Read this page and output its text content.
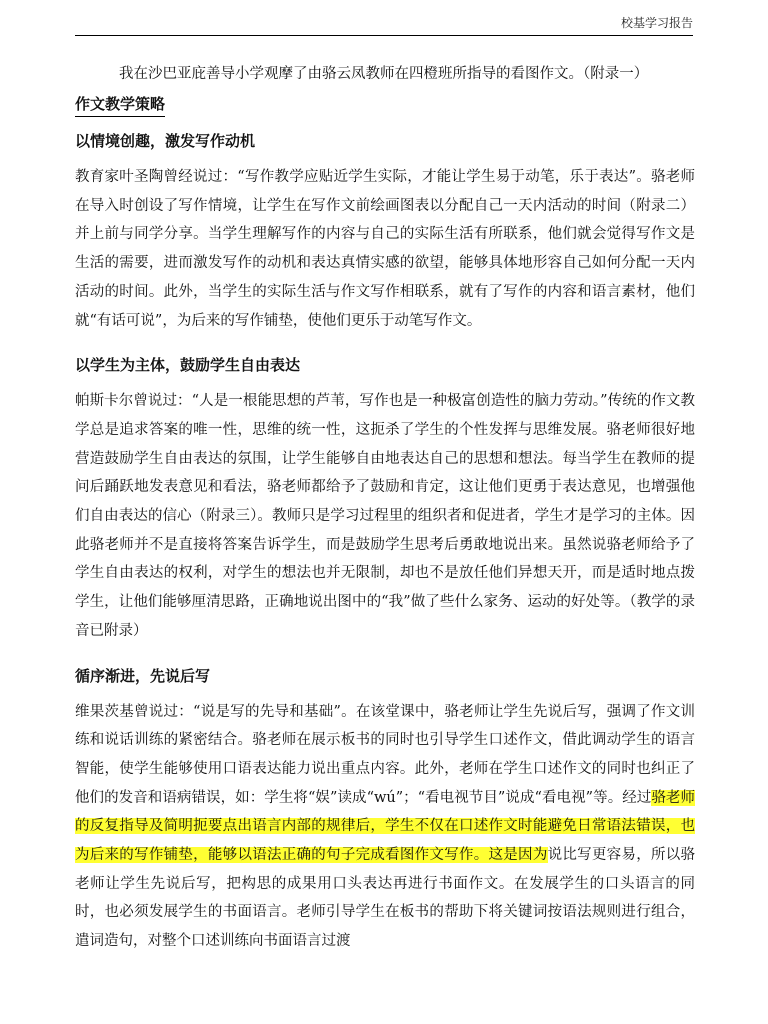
校基学习报告

我在沙巴亚庇善导小学观摩了由骆云凤教师在四橙班所指导的看图作文。（附录一）

作文教学策略
以情境创趣，激发写作动机

教育家叶圣陶曾经说过：“写作教学应贴近学生实际，才能让学生易于动笔，乐于表达”。骆老师在导入时创设了写作情境，让学生在写作文前绘画图表以分配自己一天内活动的时间（附录二）并上前与同学分享。当学生理解写作的内容与自己的实际生活有所联系，他们就会觉得写作文是生活的需要，进而激发写作的动机和表达真情实感的欲望，能够具体地形容自己如何分配一天内活动的时间。此外，当学生的实际生活与作文写作相联系，就有了写作的内容和语言素材，他们就“有话可说”，为后来的写作铺垫，使他们更乐于动笔写作文。

以学生为主体，鼓励学生自由表达

帕斯卡尔曾说过：“人是一根能思想的芦苇，写作也是一种极富创造性的脑力劳动。”传统的作文教学总是追求答案的唯一性，思维的统一性，这扼杀了学生的个性发挥与思维发展。骆老师很好地营造鼓励学生自由表达的氛围，让学生能够自由地表达自己的思想和想法。每当学生在教师的提问后踊跃地发表意见和看法，骆老师都给予了鼓励和肯定，这让他们更勇于表达意见，也增强他们自由表达的信心（附录三）。教师只是学习过程里的组织者和促进者，学生才是学习的主体。因此骆老师并不是直接将答案告诉学生，而是鼓励学生思考后勇敢地说出来。虽然说骆老师给予了学生自由表达的权利，对学生的想法也并无限制，却也不是放任他们异想天开，而是适时地点拨学生，让他们能够厘清思路，正确地说出图中的“我”做了些什么家务、运动的好处等。（教学的录音已附录）

循序渐进，先说后写

维果茨基曾说过：“说是写的先导和基础”。在该堂课中，骆老师让学生先说后写，强调了作文训练和说话训练的紧密结合。骆老师在展示板书的同时也引导学生口述作文，借此调动学生的语言智能，使学生能够使用口语表达能力说出重点内容。此外，老师在学生口述作文的同时也纠正了他们的发音和语病错误，如：学生将“娱”读成“wú”；“看电视节目”说成“看电视”等。经过骆老师的反复指导及简明扼要点出语言内部的规律后，学生不仅在口述作文时能避免日常语法错误，也为后来的写作铺垫，能够以语法正确的句子完成看图作文写作。这是因为说比写更容易，所以骆老师让学生先说后写，把构思的成果用口头表达再进行书面作文。在发展学生的口头语言的同时，也必须发展学生的书面语言。老师引导学生在板书的帮助下将关键词按语法规则进行组合，遣词造句，对整个口述训练向书面语言过渡
